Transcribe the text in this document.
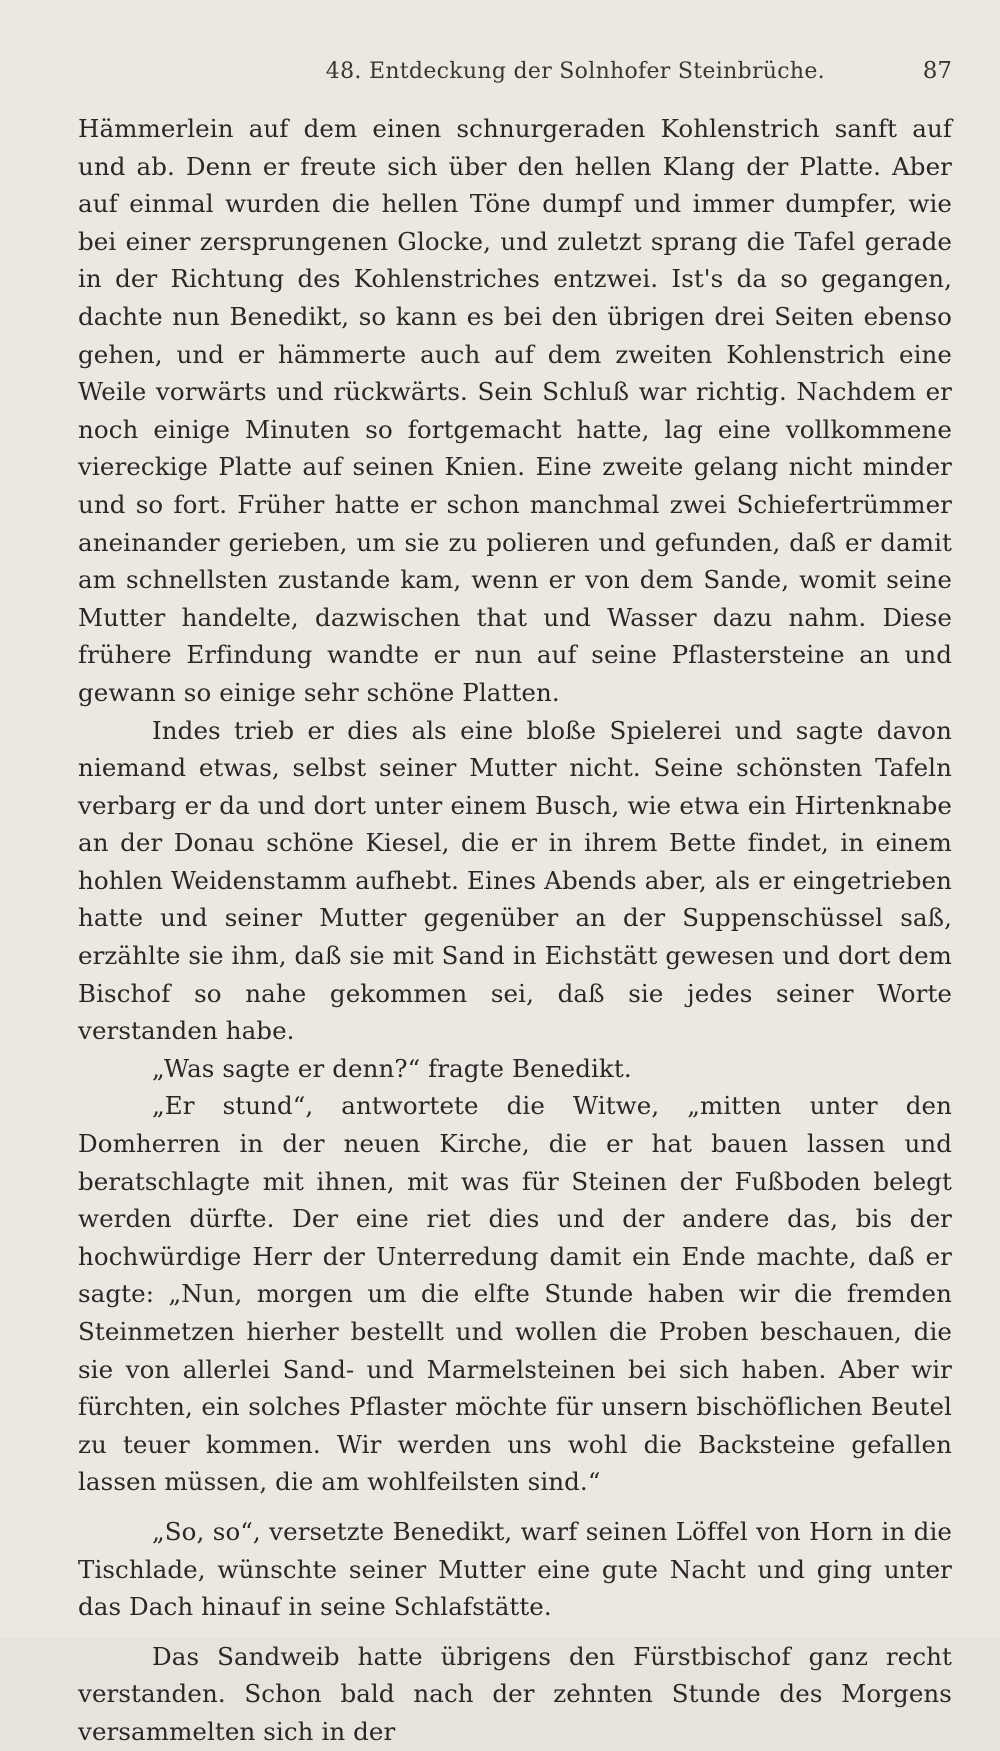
48. Entdeckung der Solnhofer Steinbrüche.	87

Hämmerlein auf dem einen schnurgeraden Kohlenstrich sanft auf und ab. Denn er freute sich über den hellen Klang der Platte. Aber auf einmal wurden die hellen Töne dumpf und immer dumpfer, wie bei einer zersprungenen Glocke, und zuletzt sprang die Tafel gerade in der Richtung des Kohlenstriches entzwei. Ist's da so gegangen, dachte nun Benedikt, so kann es bei den übrigen drei Seiten ebenso gehen, und er hämmerte auch auf dem zweiten Kohlenstrich eine Weile vorwärts und rückwärts. Sein Schluß war richtig. Nachdem er noch einige Minuten so fortgemacht hatte, lag eine vollkommene viereckige Platte auf seinen Knien. Eine zweite gelang nicht minder und so fort. Früher hatte er schon manchmal zwei Schiefertrümmer aneinander gerieben, um sie zu polieren und gefunden, daß er damit am schnellsten zustande kam, wenn er von dem Sande, womit seine Mutter handelte, dazwischen that und Wasser dazu nahm. Diese frühere Erfindung wandte er nun auf seine Pflastersteine an und gewann so einige sehr schöne Platten.

Indes trieb er dies als eine bloße Spielerei und sagte davon niemand etwas, selbst seiner Mutter nicht. Seine schönsten Tafeln verbarg er da und dort unter einem Busch, wie etwa ein Hirtenknabe an der Donau schöne Kiesel, die er in ihrem Bette findet, in einem hohlen Weidenstamm aufhebt. Eines Abends aber, als er eingetrieben hatte und seiner Mutter gegenüber an der Suppenschüssel saß, erzählte sie ihm, daß sie mit Sand in Eichstätt gewesen und dort dem Bischof so nahe gekommen sei, daß sie jedes seiner Worte verstanden habe.

„Was sagte er denn?“ fragte Benedikt.

„Er stund“, antwortete die Witwe, „mitten unter den Domherren in der neuen Kirche, die er hat bauen lassen und beratschlagte mit ihnen, mit was für Steinen der Fußboden belegt werden dürfte. Der eine riet dies und der andere das, bis der hochwürdige Herr der Unterredung damit ein Ende machte, daß er sagte: „Nun, morgen um die elfte Stunde haben wir die fremden Steinmetzen hierher bestellt und wollen die Proben beschauen, die sie von allerlei Sand- und Marmelsteinen bei sich haben. Aber wir fürchten, ein solches Pflaster möchte für unsern bischöflichen Beutel zu teuer kommen. Wir werden uns wohl die Backsteine gefallen lassen müssen, die am wohlfeilsten sind.“

„So, so“, versetzte Benedikt, warf seinen Löffel von Horn in die Tischlade, wünschte seiner Mutter eine gute Nacht und ging unter das Dach hinauf in seine Schlafstätte.

Das Sandweib hatte übrigens den Fürstbischof ganz recht verstanden. Schon bald nach der zehnten Stunde des Morgens versammelten sich in der
